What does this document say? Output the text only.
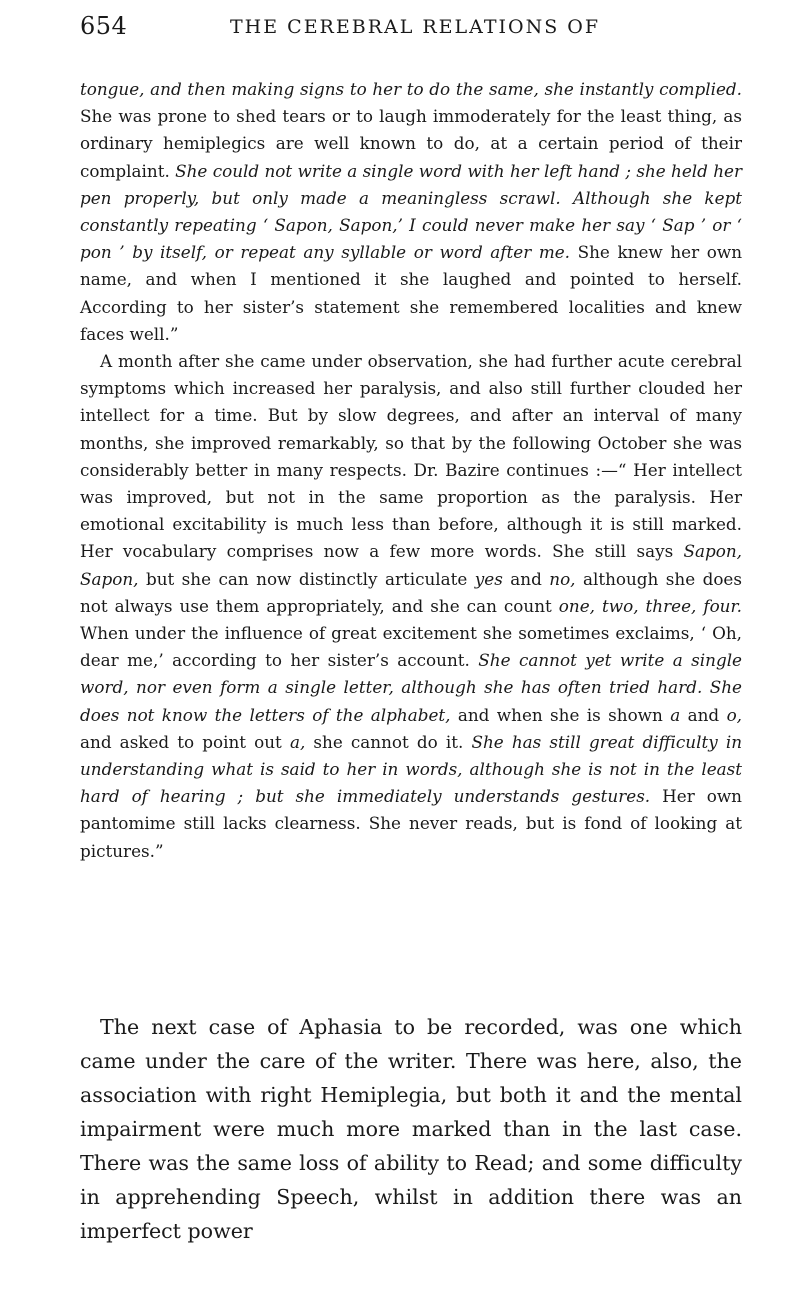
654	THE CEREBRAL RELATIONS OF

tongue, and then making signs to her to do the same, she instantly complied. She was prone to shed tears or to laugh immoderately for the least thing, as ordinary hemiplegics are well known to do, at a certain period of their complaint. She could not write a single word with her left hand ; she held her pen properly, but only made a meaningless scrawl. Although she kept constantly repeating ‘ Sapon, Sapon,’ I could never make her say ‘ Sap ’ or ‘ pon ’ by itself, or repeat any syllable or word after me. She knew her own name, and when I mentioned it she laughed and pointed to herself. According to her sister’s statement she remembered localities and knew faces well.”

A month after she came under observation, she had further acute cerebral symptoms which increased her paralysis, and also still further clouded her intellect for a time. But by slow degrees, and after an interval of many months, she improved remarkably, so that by the following October she was considerably better in many respects. Dr. Bazire continues :—“ Her intellect was improved, but not in the same proportion as the paralysis. Her emotional excitability is much less than before, although it is still marked. Her vocabulary comprises now a few more words. She still says Sapon, Sapon, but she can now distinctly articulate yes and no, although she does not always use them appropriately, and she can count one, two, three, four. When under the influence of great excitement she sometimes exclaims, ‘ Oh, dear me,’ according to her sister’s account. She cannot yet write a single word, nor even form a single letter, although she has often tried hard. She does not know the letters of the alphabet, and when she is shown a and o, and asked to point out a, she cannot do it. She has still great difficulty in understanding what is said to her in words, although she is not in the least hard of hearing ; but she immediately understands gestures. Her own pantomime still lacks clearness. She never reads, but is fond of looking at pictures.”

The next case of Aphasia to be recorded, was one which came under the care of the writer. There was here, also, the association with right Hemiplegia, but both it and the mental impairment were much more marked than in the last case. There was the same loss of ability to Read; and some difficulty in apprehending Speech, whilst in addition there was an imperfect power
